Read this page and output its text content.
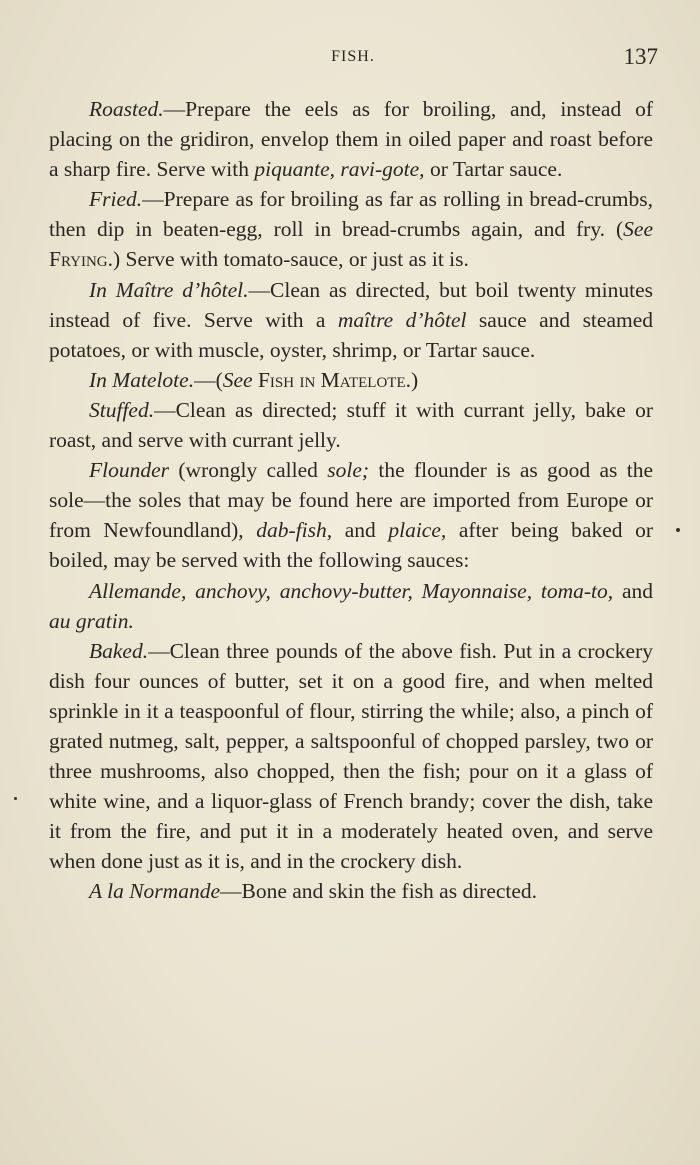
FISH.	137

Roasted.—Prepare the eels as for broiling, and, instead of placing on the gridiron, envelop them in oiled paper and roast before a sharp fire. Serve with piquante, ravi-gote, or Tartar sauce.

Fried.—Prepare as for broiling as far as rolling in bread-crumbs, then dip in beaten-egg, roll in bread-crumbs again, and fry. (See Frying.) Serve with tomato-sauce, or just as it is.

In Maître d’hôtel.—Clean as directed, but boil twenty minutes instead of five. Serve with a maître d’hôtel sauce and steamed potatoes, or with muscle, oyster, shrimp, or Tartar sauce.

In Matelote.—(See Fish in Matelote.)

Stuffed.—Clean as directed; stuff it with currant jelly, bake or roast, and serve with currant jelly.

Flounder (wrongly called sole; the flounder is as good as the sole—the soles that may be found here are imported from Europe or from Newfoundland), dab-fish, and plaice, after being baked or boiled, may be served with the following sauces:

Allemande, anchovy, anchovy-butter, Mayonnaise, toma-to, and au gratin.

Baked.—Clean three pounds of the above fish. Put in a crockery dish four ounces of butter, set it on a good fire, and when melted sprinkle in it a teaspoonful of flour, stirring the while; also, a pinch of grated nutmeg, salt, pepper, a saltspoonful of chopped parsley, two or three mushrooms, also chopped, then the fish; pour on it a glass of white wine, and a liquor-glass of French brandy; cover the dish, take it from the fire, and put it in a moderately heated oven, and serve when done just as it is, and in the crockery dish.

A la Normande—Bone and skin the fish as directed.
